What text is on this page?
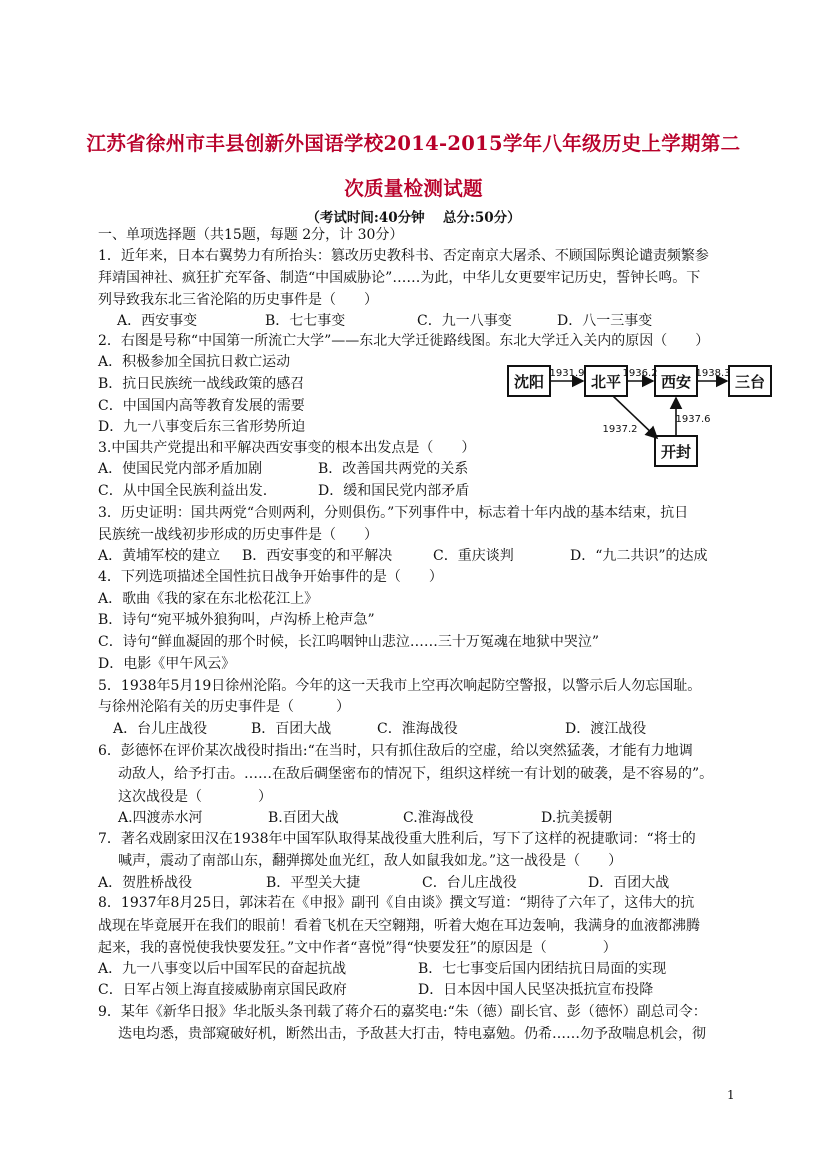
江苏省徐州市丰县创新外国语学校2014-2015学年八年级历史上学期第二
次质量检测试题
（考试时间:40分钟　 总分:50分）
一、单项选择题（共15题，每题 2分，计 30分）
1．近年来，日本右翼势力有所抬头：篡改历史教科书、否定南京大屠杀、不顾国际舆论谴责频繁参
拜靖国神社、疯狂扩充军备、制造“中国威胁论”……为此，中华儿女更要牢记历史，誓钟长鸣。下
列导致我东北三省沦陷的历史事件是（　　）
A．西安事变	B．七七事变	C．九一八事变	D．八一三事变
2．右图是号称“中国第一所流亡大学”——东北大学迁徙路线图。东北大学迁入关内的原因（　　）
A．积极参加全国抗日救亡运动
B．抗日民族统一战线政策的感召
C．中国国内高等教育发展的需要
D．九一八事变后东三省形势所迫
沈阳	北平	西安	三台
开封
1931.9	1936.2	1938.3
1937.2
1937.6
3.中国共产党提出和平解决西安事变的根本出发点是（　　）
A．使国民党内部矛盾加剧	B．改善国共两党的关系
C．从中国全民族利益出发.	D．缓和国民党内部矛盾
3．历史证明：国共两党“合则两利，分则俱伤。”下列事件中，标志着十年内战的基本结束，抗日
民族统一战线初步形成的历史事件是（　　）
A．黄埔军校的建立 B．西安事变的和平解决	C．重庆谈判	D．“九二共识”的达成
4．下列选项描述全国性抗日战争开始事件的是（　　）
A．歌曲《我的家在东北松花江上》
B．诗句“宛平城外狼狗叫，卢沟桥上枪声急”
C．诗句“鲜血凝固的那个时候，长江呜咽钟山悲泣……三十万冤魂在地狱中哭泣”
D．电影《甲午风云》
5．1938年5月19日徐州沦陷。今年的这一天我市上空再次响起防空警报，以警示后人勿忘国耻。
与徐州沦陷有关的历史事件是（　　　）
A．台儿庄战役	B．百团大战	C．淮海战役	D．渡江战役
6．彭德怀在评价某次战役时指出:“在当时，只有抓住敌后的空虚，给以突然猛袭，才能有力地调
动敌人，给予打击。……在敌后碉堡密布的情况下，组织这样统一有计划的破袭，是不容易的”。
这次战役是（　　　　）
A.四渡赤水河	B.百团大战	C.淮海战役	D.抗美援朝
7．著名戏剧家田汉在1938年中国军队取得某战役重大胜利后，写下了这样的祝捷歌词：“将士的
喊声，震动了南部山东，翻弹掷处血光红，敌人如鼠我如龙。”这一战役是（　　）
A．贺胜桥战役	B．平型关大捷	C．台儿庄战役	D．百团大战
8．1937年8月25日，郭沫若在《申报》副刊《自由谈》撰文写道：“期待了六年了，这伟大的抗
战现在毕竟展开在我们的眼前！看着飞机在天空翱翔，听着大炮在耳边轰响，我满身的血液都沸腾
起来，我的喜悦使我快要发狂。”文中作者“喜悦”得“快要发狂”的原因是（　　　　）
A．九一八事变以后中国军民的奋起抗战	B．七七事变后国内团结抗日局面的实现
C．日军占领上海直接威胁南京国民政府	D．日本因中国人民坚决抵抗宣布投降
9．某年《新华日报》华北版头条刊载了蒋介石的嘉奖电:“朱（德）副长官、彭（德怀）副总司令：
迭电均悉，贵部窥破好机，断然出击，予敌甚大打击，特电嘉勉。仍希……勿予敌喘息机会，彻
1
